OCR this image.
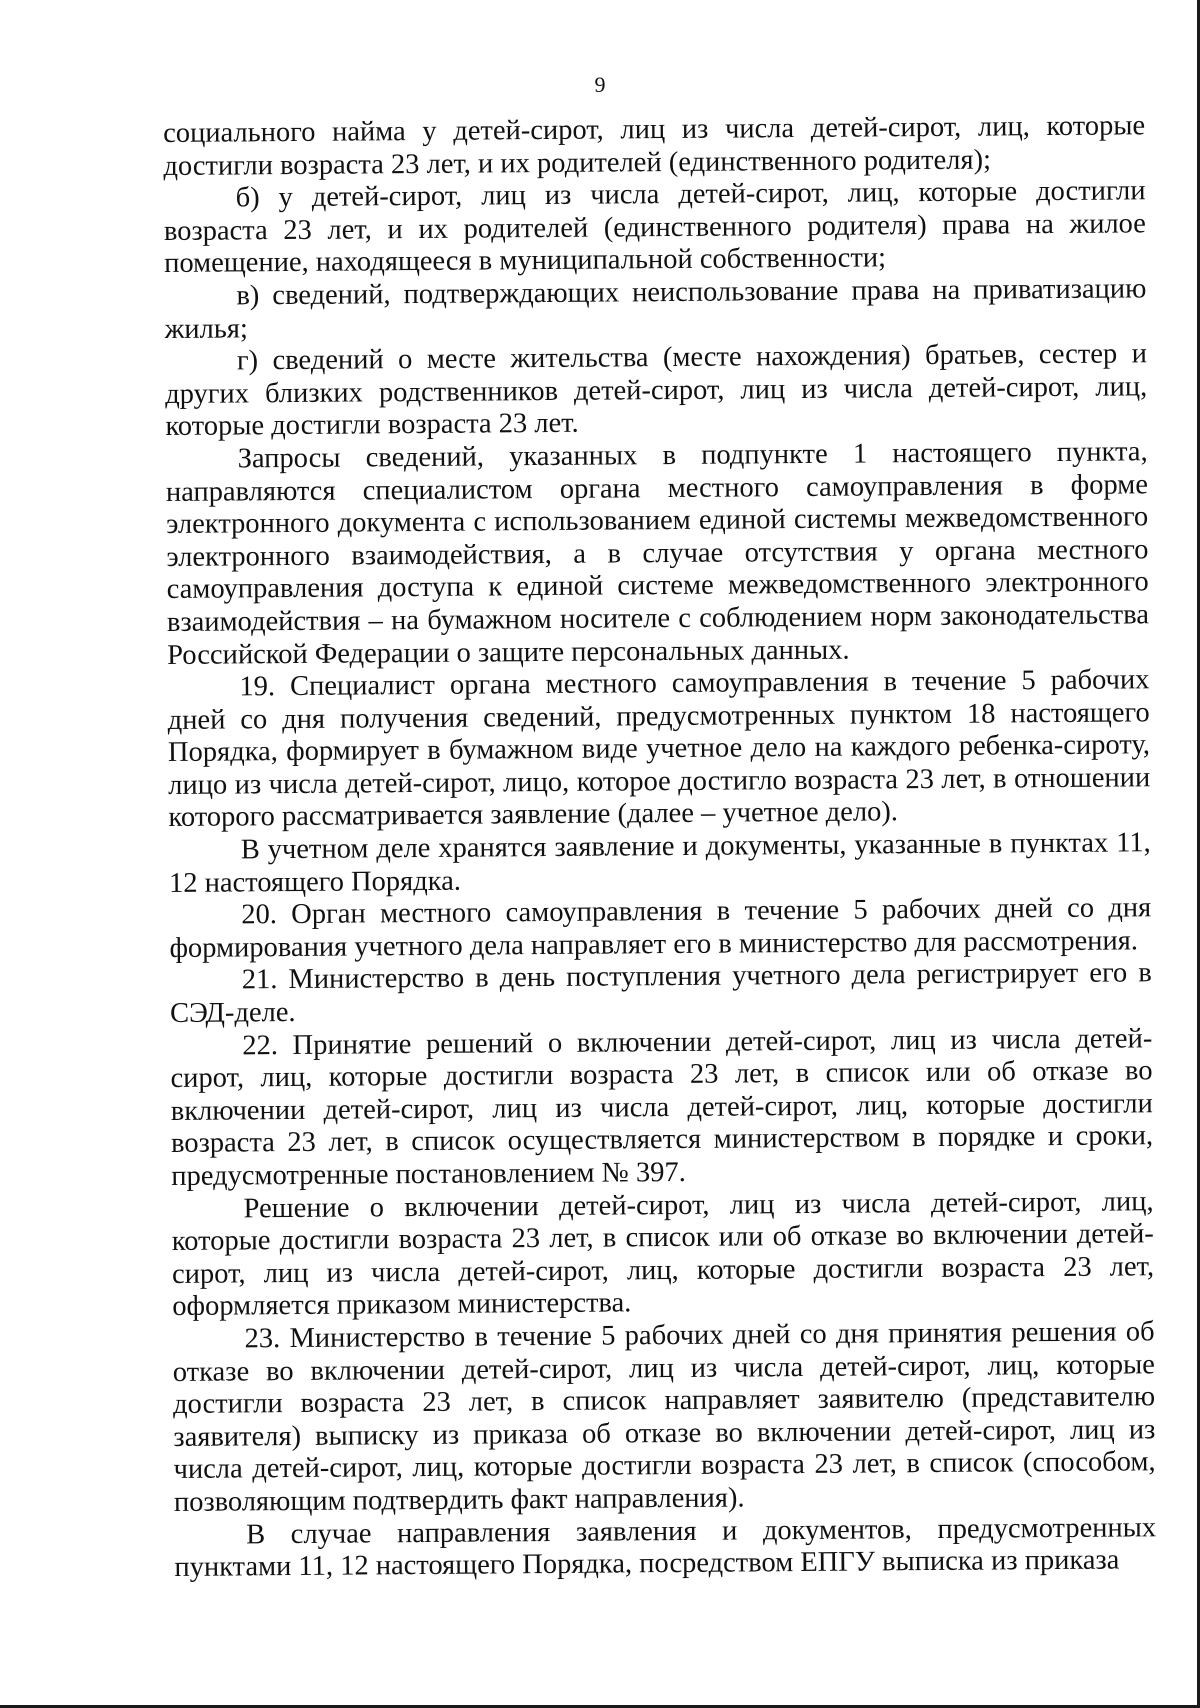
9

социального найма у детей-сирот, лиц из числа детей-сирот, лиц, которые достигли возраста 23 лет, и их родителей (единственного родителя);

б) у детей-сирот, лиц из числа детей-сирот, лиц, которые достигли возраста 23 лет, и их родителей (единственного родителя) права на жилое помещение, находящееся в муниципальной собственности;

в) сведений, подтверждающих неиспользование права на приватизацию жилья;

г) сведений о месте жительства (месте нахождения) братьев, сестер и других близких родственников детей-сирот, лиц из числа детей-сирот, лиц, которые достигли возраста 23 лет.

Запросы сведений, указанных в подпункте 1 настоящего пункта, направляются специалистом органа местного самоуправления в форме электронного документа с использованием единой системы межведомственного электронного взаимодействия, а в случае отсутствия у органа местного самоуправления доступа к единой системе межведомственного электронного взаимодействия – на бумажном носителе с соблюдением норм законодательства Российской Федерации о защите персональных данных.

19. Специалист органа местного самоуправления в течение 5 рабочих дней со дня получения сведений, предусмотренных пунктом 18 настоящего Порядка, формирует в бумажном виде учетное дело на каждого ребенка-сироту, лицо из числа детей-сирот, лицо, которое достигло возраста 23 лет, в отношении которого рассматривается заявление (далее – учетное дело).

В учетном деле хранятся заявление и документы, указанные в пунктах 11, 12 настоящего Порядка.

20. Орган местного самоуправления в течение 5 рабочих дней со дня формирования учетного дела направляет его в министерство для рассмотрения.

21. Министерство в день поступления учетного дела регистрирует его в СЭД-деле.

22. Принятие решений о включении детей-сирот, лиц из числа детей-сирот, лиц, которые достигли возраста 23 лет, в список или об отказе во включении детей-сирот, лиц из числа детей-сирот, лиц, которые достигли возраста 23 лет, в список осуществляется министерством в порядке и сроки, предусмотренные постановлением № 397.

Решение о включении детей-сирот, лиц из числа детей-сирот, лиц, которые достигли возраста 23 лет, в список или об отказе во включении детей-сирот, лиц из числа детей-сирот, лиц, которые достигли возраста 23 лет, оформляется приказом министерства.

23. Министерство в течение 5 рабочих дней со дня принятия решения об отказе во включении детей-сирот, лиц из числа детей-сирот, лиц, которые достигли возраста 23 лет, в список направляет заявителю (представителю заявителя) выписку из приказа об отказе во включении детей-сирот, лиц из числа детей-сирот, лиц, которые достигли возраста 23 лет, в список (способом, позволяющим подтвердить факт направления).

В случае направления заявления и документов, предусмотренных пунктами 11, 12 настоящего Порядка, посредством ЕПГУ выписка из приказа
